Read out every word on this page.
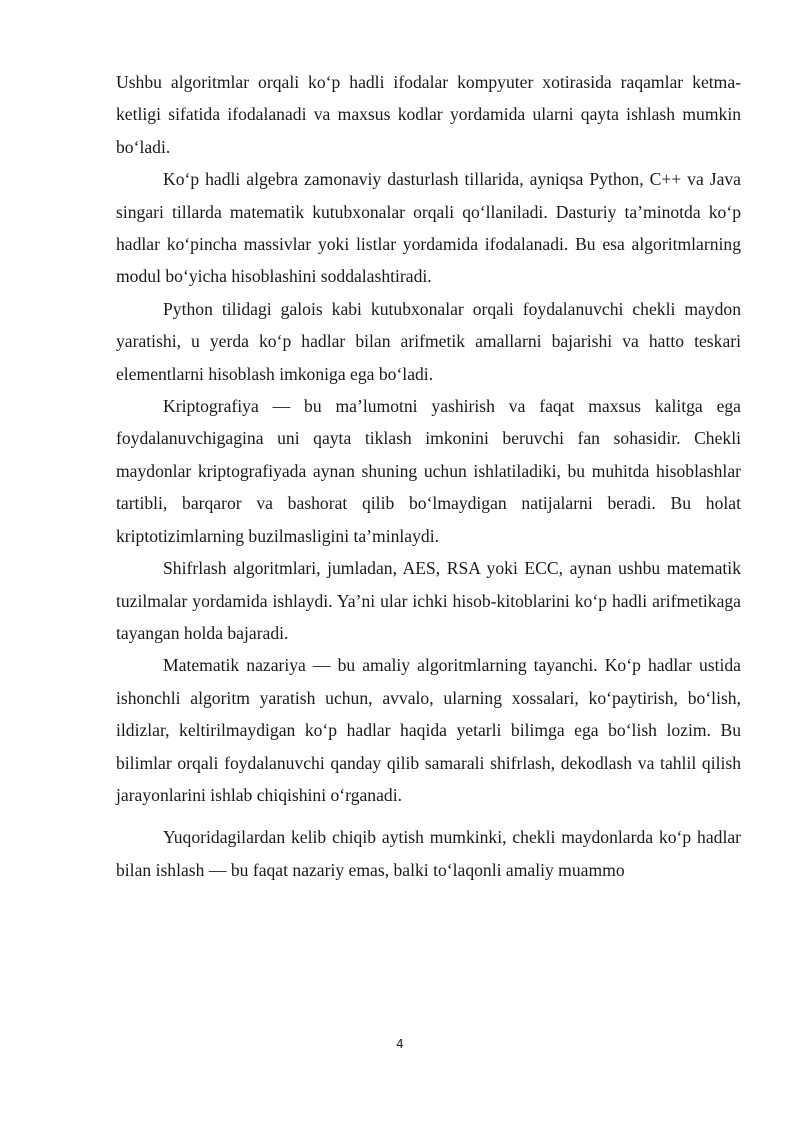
Ushbu algoritmlar orqali ko‘p hadli ifodalar kompyuter xotirasida raqamlar ketma-ketligi sifatida ifodalanadi va maxsus kodlar yordamida ularni qayta ishlash mumkin bo‘ladi.

Ko‘p hadli algebra zamonaviy dasturlash tillarida, ayniqsa Python, C++ va Java singari tillarda matematik kutubxonalar orqali qo‘llaniladi. Dasturiy ta’minotda ko‘p hadlar ko‘pincha massivlar yoki listlar yordamida ifodalanadi. Bu esa algoritmlarning modul bo‘yicha hisoblashini soddalashtiradi.

Python tilidagi galois kabi kutubxonalar orqali foydalanuvchi chekli maydon yaratishi, u yerda ko‘p hadlar bilan arifmetik amallarni bajarishi va hatto teskari elementlarni hisoblash imkoniga ega bo‘ladi.

Kriptografiya — bu ma’lumotni yashirish va faqat maxsus kalitga ega foydalanuvchigagina uni qayta tiklash imkonini beruvchi fan sohasidir. Chekli maydonlar kriptografiyada aynan shuning uchun ishlatiladiki, bu muhitda hisoblashlar tartibli, barqaror va bashorat qilib bo‘lmaydigan natijalarni beradi. Bu holat kriptotizimlarning buzilmasligini ta’minlaydi.

Shifrlash algoritmlari, jumladan, AES, RSA yoki ECC, aynan ushbu matematik tuzilmalar yordamida ishlaydi. Ya’ni ular ichki hisob-kitoblarini ko‘p hadli arifmetikaga tayangan holda bajaradi.

Matematik nazariya — bu amaliy algoritmlarning tayanchi. Ko‘p hadlar ustida ishonchli algoritm yaratish uchun, avvalo, ularning xossalari, ko‘paytirish, bo‘lish, ildizlar, keltirilmaydigan ko‘p hadlar haqida yetarli bilimga ega bo‘lish lozim. Bu bilimlar orqali foydalanuvchi qanday qilib samarali shifrlash, dekodlash va tahlil qilish jarayonlarini ishlab chiqishini o‘rganadi.

Yuqoridagilardan kelib chiqib aytish mumkinki, chekli maydonlarda ko‘p hadlar bilan ishlash — bu faqat nazariy emas, balki to‘laqonli amaliy muammo

4
